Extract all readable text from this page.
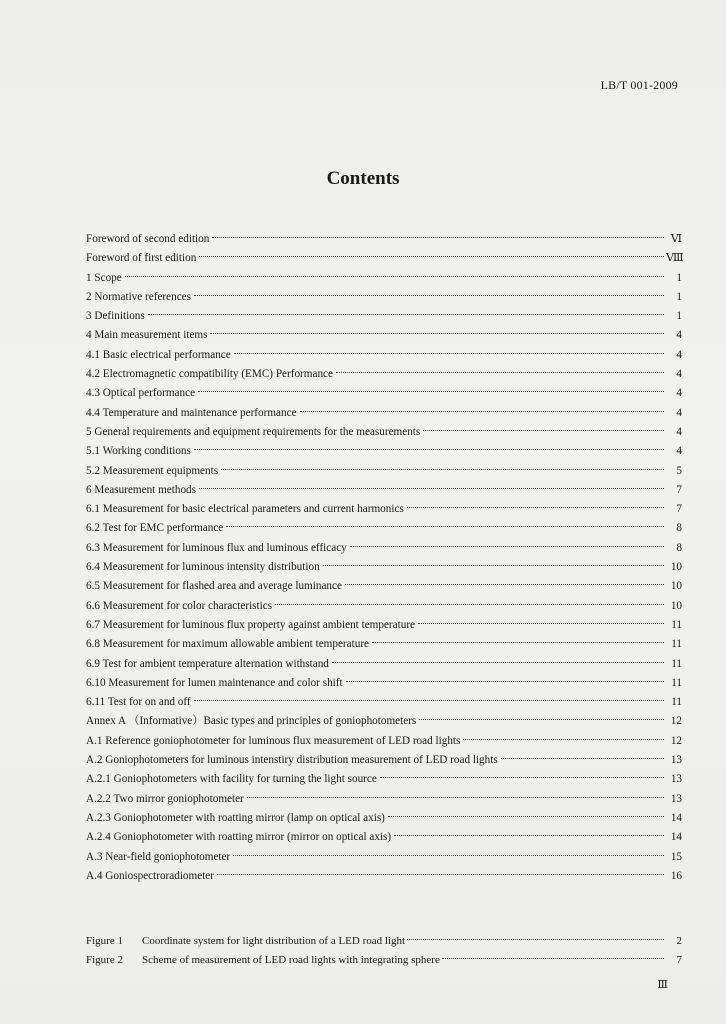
LB/T 001-2009
Contents
Foreword of second edition	Ⅵ
Foreword of first edition	Ⅷ
1 Scope	1
2 Normative references	1
3 Definitions	1
4 Main measurement items	4
4.1 Basic electrical performance	4
4.2 Electromagnetic compatibility (EMC) Performance	4
4.3 Optical performance	4
4.4 Temperature and maintenance performance	4
5 General requirements and equipment requirements for the measurements	4
5.1 Working conditions	4
5.2 Measurement equipments	5
6 Measurement methods	7
6.1 Measurement for basic electrical parameters and current harmonics	7
6.2 Test for EMC performance	8
6.3 Measurement for luminous flux and luminous efficacy	8
6.4 Measurement for luminous intensity distribution	10
6.5 Measurement for flashed area and average luminance	10
6.6 Measurement for color characteristics	10
6.7 Measurement for luminous flux property against ambient temperature	11
6.8 Measurement for maximum allowable ambient temperature	11
6.9 Test for ambient temperature alternation withstand	11
6.10 Measurement for lumen maintenance and color shift	11
6.11 Test for on and off	11
Annex A （Informative）Basic types and principles of goniophotometers	12
A.1 Reference goniophotometer for luminous flux measurement of LED road lights	12
A.2 Goniophotometers for luminous intenstiry distribution measurement of LED road lights	13
A.2.1 Goniophotometers with facility for turning the light source	13
A.2.2 Two mirror goniophotometer	13
A.2.3 Goniophotometer with roatting mirror (lamp on optical axis)	14
A.2.4 Goniophotometer with roatting mirror (mirror on optical axis)	14
A.3 Near-field goniophotometer	15
A.4 Goniospectroradiometer	16
Figure 1	Coordinate system for light distribution of a LED road light	2
Figure 2	Scheme of measurement of LED road lights with integrating sphere	7
Ⅲ
